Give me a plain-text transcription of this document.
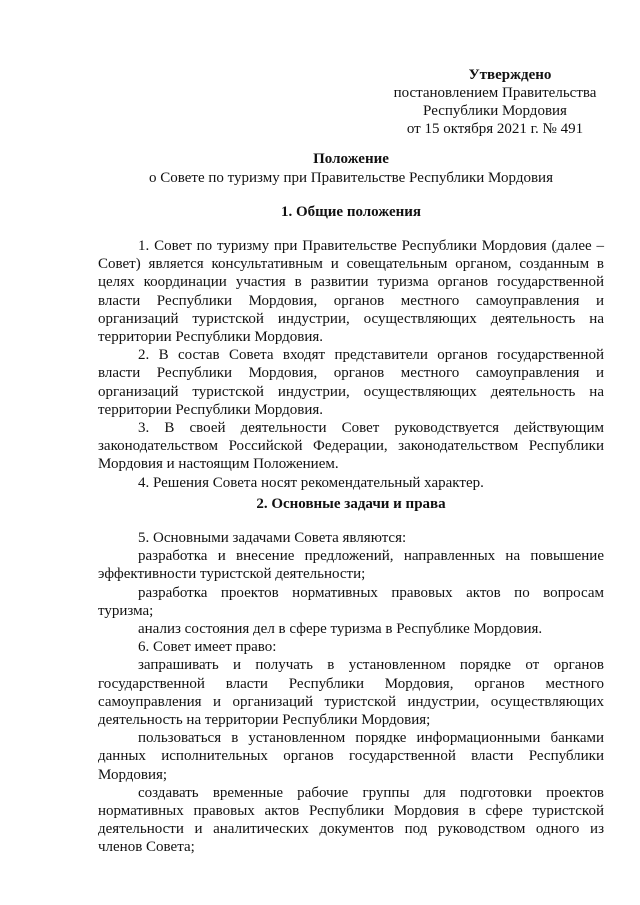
Утверждено
постановлением Правительства
Республики Мордовия
от 15 октября 2021 г. № 491
Положение
о Совете по туризму при Правительстве Республики Мордовия
1. Общие положения

1. Совет по туризму при Правительстве Республики Мордовия (далее – Совет) является консультативным и совещательным органом, созданным в целях координации участия в развитии туризма органов государственной власти Республики Мордовия, органов местного самоуправления и организаций туристской индустрии, осуществляющих деятельность на территории Республики Мордовия.

2. В состав Совета входят представители органов государственной власти Республики Мордовия, органов местного самоуправления и организаций туристской индустрии, осуществляющих деятельность на территории Республики Мордовия.

3. В своей деятельности Совет руководствуется действующим законодательством Российской Федерации, законодательством Республики Мордовия и настоящим Положением.

4. Решения Совета носят рекомендательный характер.

2. Основные задачи и права

5. Основными задачами Совета являются:

разработка и внесение предложений, направленных на повышение эффективности туристской деятельности;

разработка проектов нормативных правовых актов по вопросам туризма;

анализ состояния дел в сфере туризма в Республике Мордовия.

6. Совет имеет право:

запрашивать и получать в установленном порядке от органов государственной власти Республики Мордовия, органов местного самоуправления и организаций туристской индустрии, осуществляющих деятельность на территории Республики Мордовия;

пользоваться в установленном порядке информационными банками данных исполнительных органов государственной власти Республики Мордовия;

создавать временные рабочие группы для подготовки проектов нормативных правовых актов Республики Мордовия в сфере туристской деятельности и аналитических документов под руководством одного из членов Совета;
